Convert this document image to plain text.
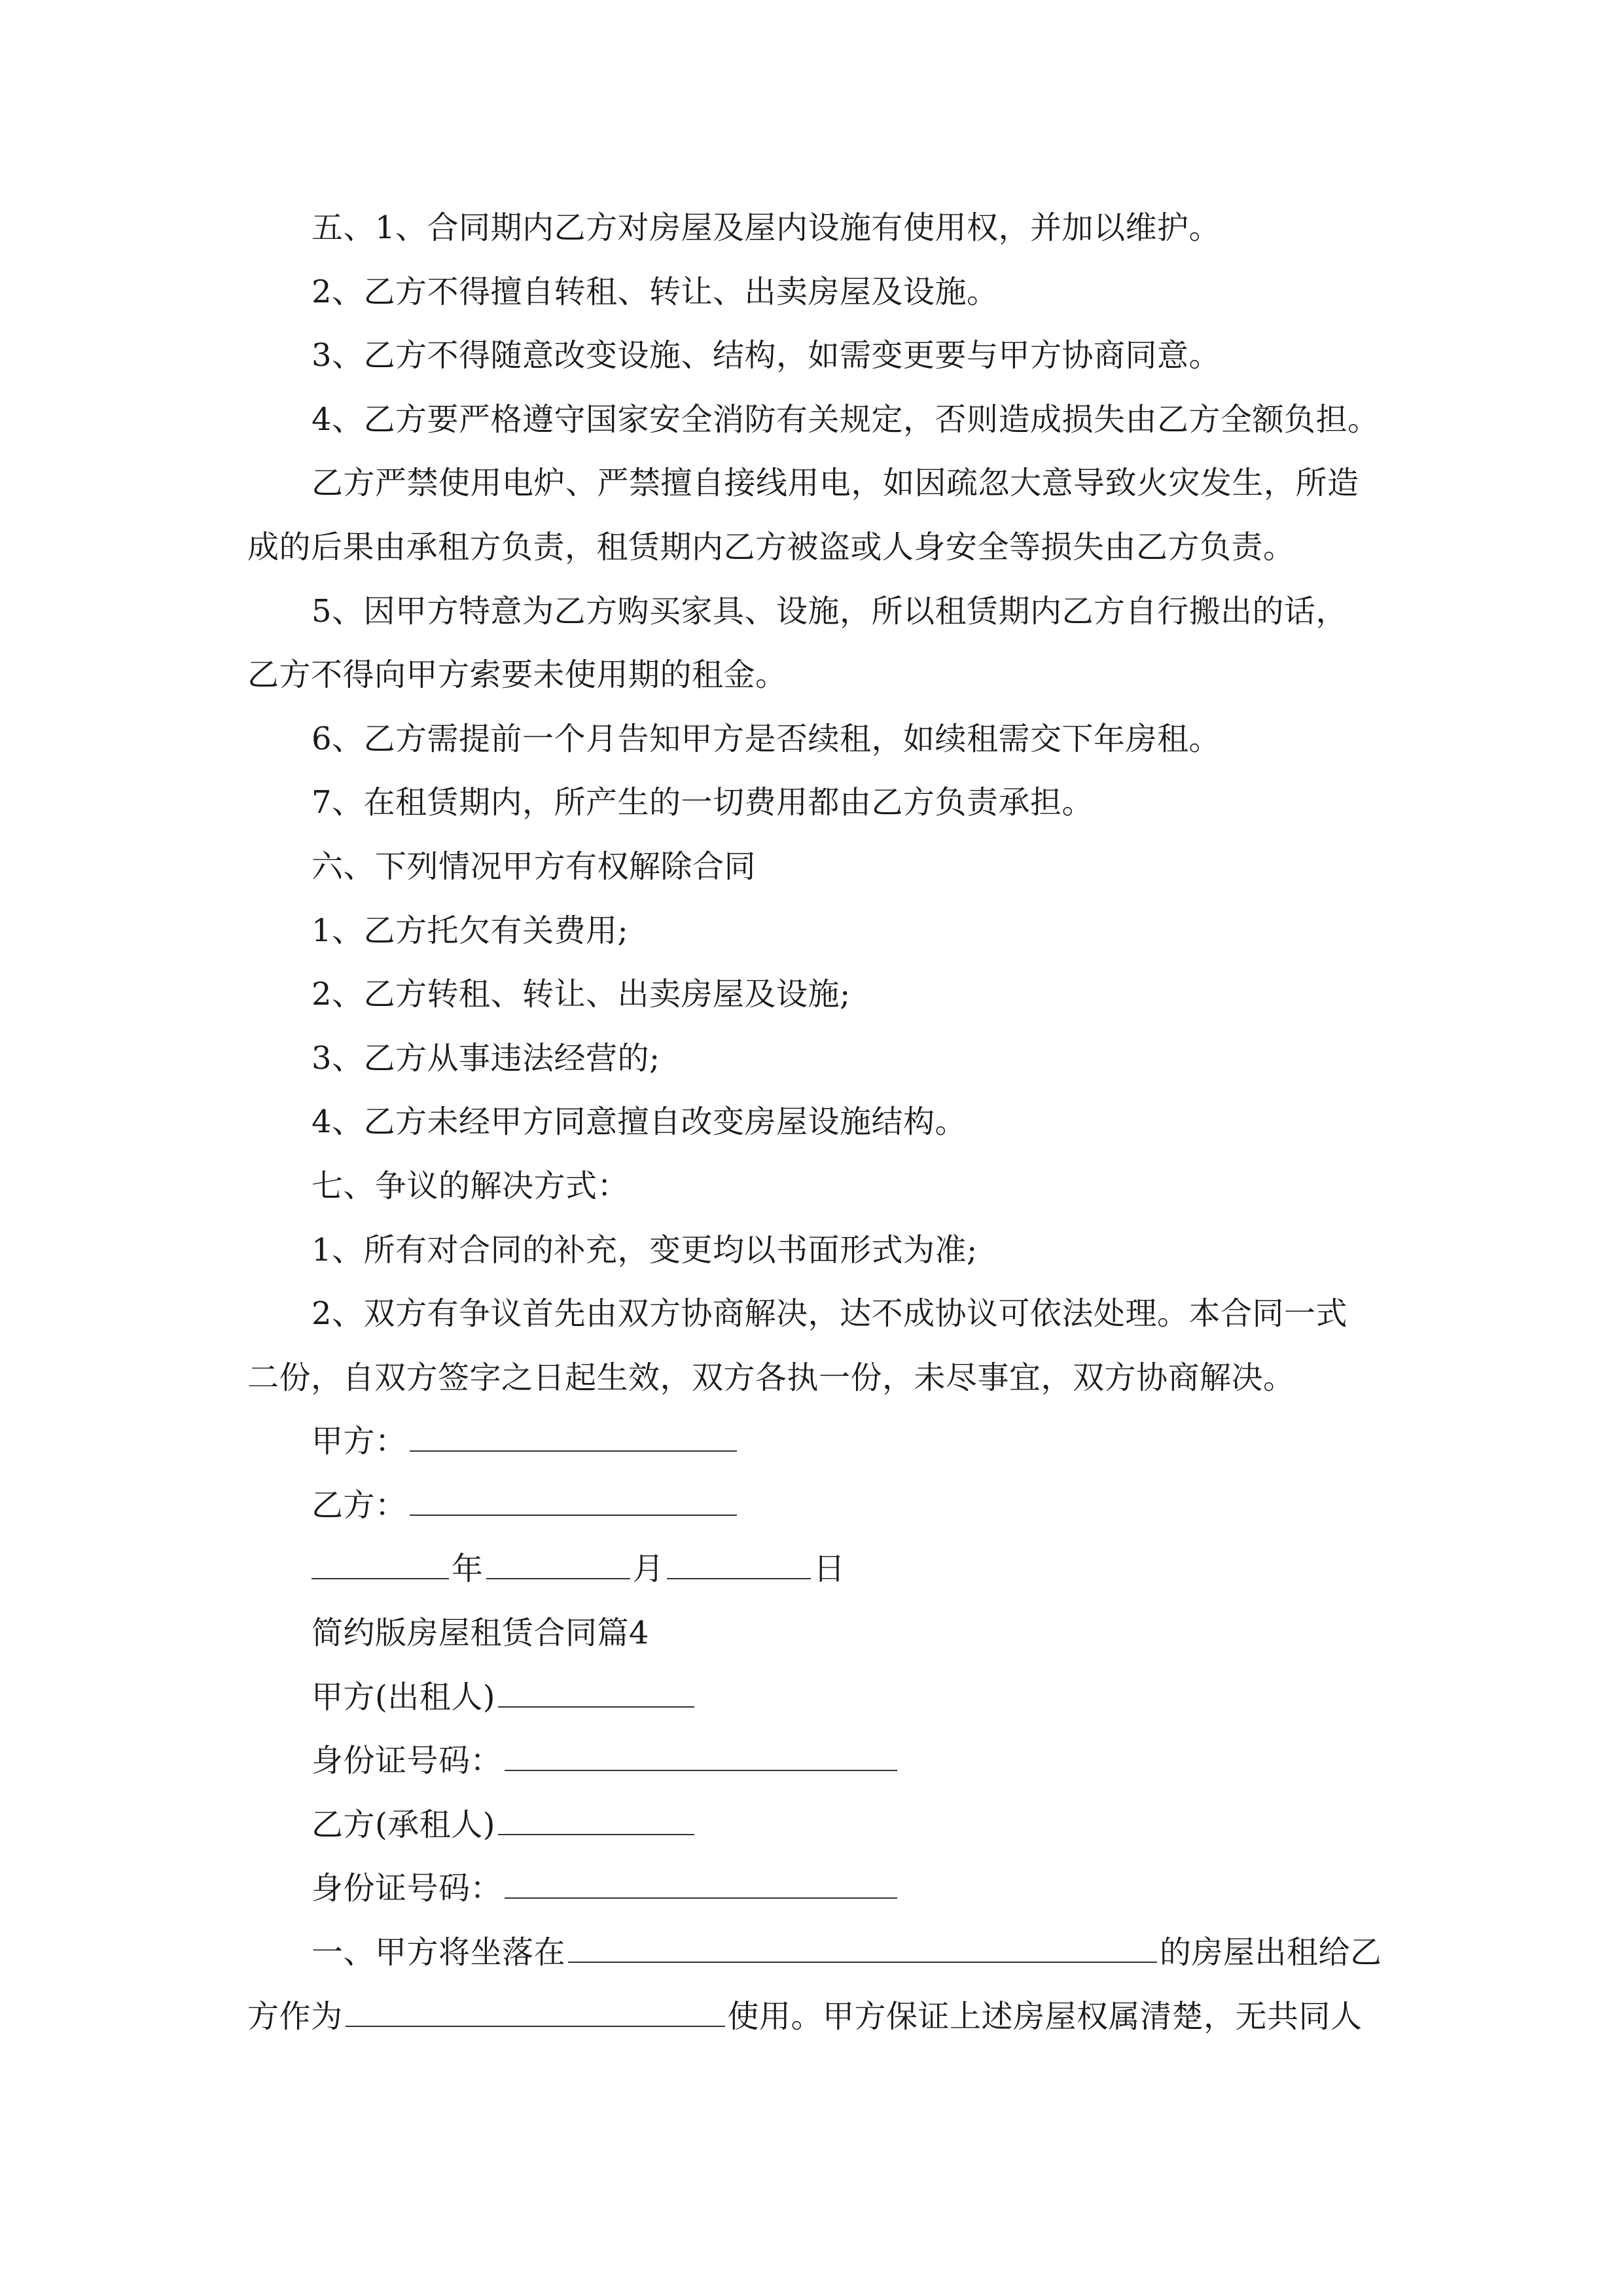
五、1、合同期内乙方对房屋及屋内设施有使用权，并加以维护。
2、乙方不得擅自转租、转让、出卖房屋及设施。
3、乙方不得随意改变设施、结构，如需变更要与甲方协商同意。
4、乙方要严格遵守国家安全消防有关规定，否则造成损失由乙方全额负担。
乙方严禁使用电炉、严禁擅自接线用电，如因疏忽大意导致火灾发生，所造
成的后果由承租方负责，租赁期内乙方被盗或人身安全等损失由乙方负责。
5、因甲方特意为乙方购买家具、设施，所以租赁期内乙方自行搬出的话，
乙方不得向甲方索要未使用期的租金。
6、乙方需提前一个月告知甲方是否续租，如续租需交下年房租。
7、在租赁期内，所产生的一切费用都由乙方负责承担。
六、下列情况甲方有权解除合同
1、乙方托欠有关费用;
2、乙方转租、转让、出卖房屋及设施;
3、乙方从事违法经营的;
4、乙方未经甲方同意擅自改变房屋设施结构。
七、争议的解决方式：
1、所有对合同的补充，变更均以书面形式为准;
2、双方有争议首先由双方协商解决，达不成协议可依法处理。本合同一式
二份，自双方签字之日起生效，双方各执一份，未尽事宜，双方协商解决。
甲方：
乙方：
年	月	日
简约版房屋租赁合同篇4
甲方(出租人)
身份证号码：
乙方(承租人)
身份证号码：
一、甲方将坐落在	的房屋出租给乙
方作为	使用。甲方保证上述房屋权属清楚，无共同人
